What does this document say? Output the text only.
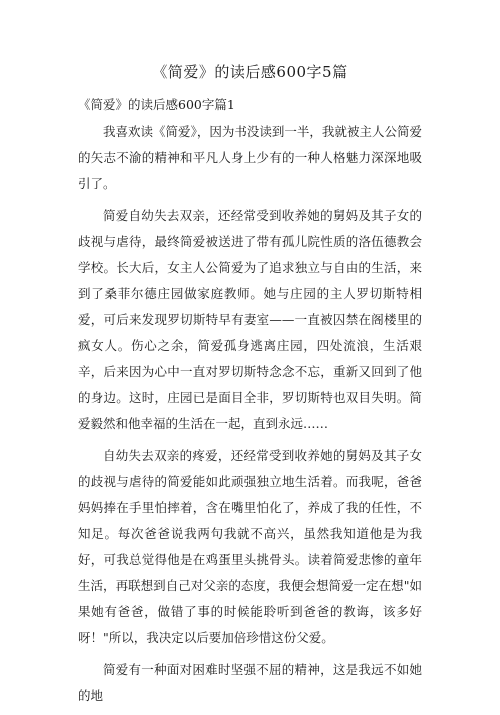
《简爱》的读后感600字5篇
《简爱》的读后感600字篇1

我喜欢读《简爱》，因为书没读到一半，我就被主人公简爱的矢志不渝的精神和平凡人身上少有的一种人格魅力深深地吸引了。

简爱自幼失去双亲，还经常受到收养她的舅妈及其子女的歧视与虐待，最终简爱被送进了带有孤儿院性质的洛伍德教会学校。长大后，女主人公简爱为了追求独立与自由的生活，来到了桑菲尔德庄园做家庭教师。她与庄园的主人罗切斯特相爱，可后来发现罗切斯特早有妻室——一直被囚禁在阁楼里的疯女人。伤心之余，简爱孤身逃离庄园，四处流浪，生活艰辛，后来因为心中一直对罗切斯特念念不忘，重新又回到了他的身边。这时，庄园已是面目全非，罗切斯特也双目失明。简爱毅然和他幸福的生活在一起，直到永远……

自幼失去双亲的疼爱，还经常受到收养她的舅妈及其子女的歧视与虐待的简爱能如此顽强独立地生活着。而我呢，爸爸妈妈捧在手里怕摔着，含在嘴里怕化了，养成了我的任性，不知足。每次爸爸说我两句我就不高兴，虽然我知道他是为我好，可我总觉得他是在鸡蛋里头挑骨头。读着简爱悲惨的童年生活，再联想到自己对父亲的态度，我便会想简爱一定在想"如果她有爸爸，做错了事的时候能聆听到爸爸的教诲，该多好呀！"所以，我决定以后要加倍珍惜这份父爱。

简爱有一种面对困难时坚强不屈的精神，这是我远不如她的地
